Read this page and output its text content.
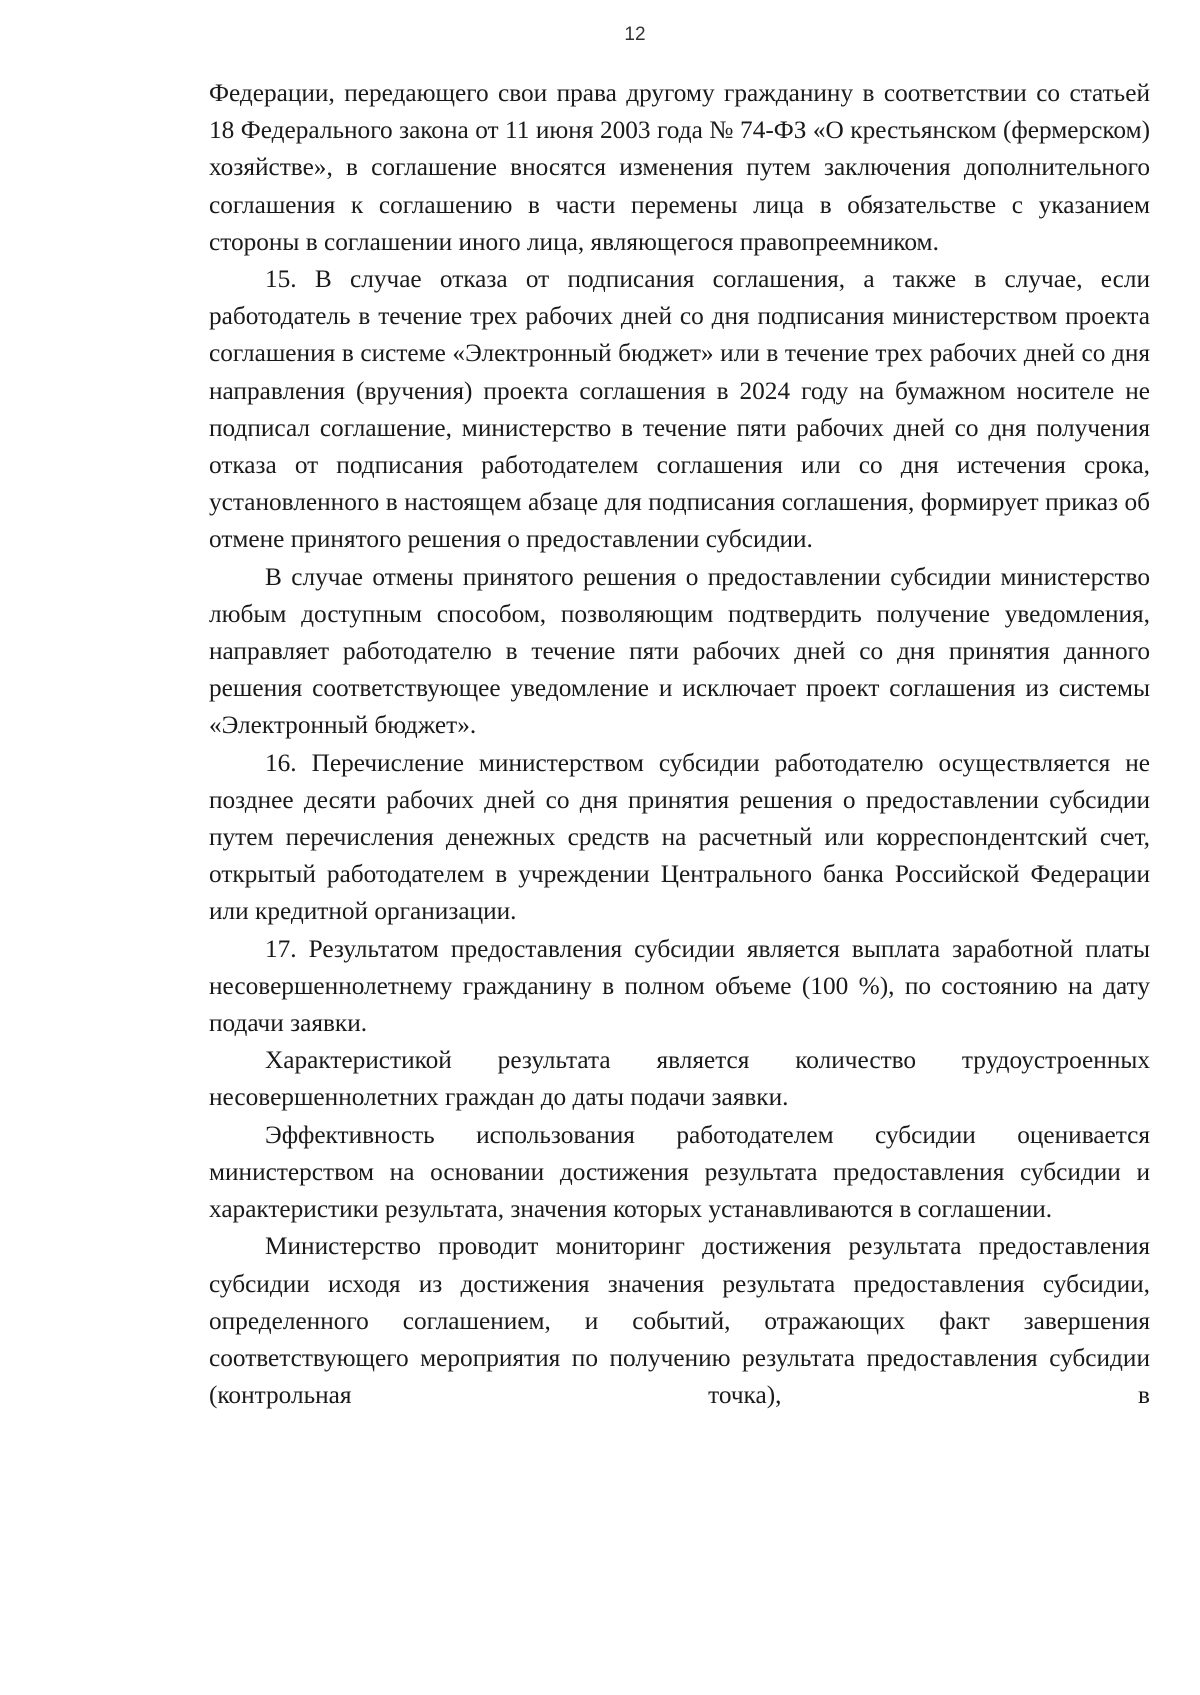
12

Федерации, передающего свои права другому гражданину в соответствии со статьей 18 Федерального закона от 11 июня 2003 года № 74-ФЗ «О крестьянском (фермерском) хозяйстве», в соглашение вносятся изменения путем заключения дополнительного соглашения к соглашению в части перемены лица в обязательстве с указанием стороны в соглашении иного лица, являющегося правопреемником.

15. В случае отказа от подписания соглашения, а также в случае, если работодатель в течение трех рабочих дней со дня подписания министерством проекта соглашения в системе «Электронный бюджет» или в течение трех рабочих дней со дня направления (вручения) проекта соглашения в 2024 году на бумажном носителе не подписал соглашение, министерство в течение пяти рабочих дней со дня получения отказа от подписания работодателем соглашения или со дня истечения срока, установленного в настоящем абзаце для подписания соглашения, формирует приказ об отмене принятого решения о предоставлении субсидии.

В случае отмены принятого решения о предоставлении субсидии министерство любым доступным способом, позволяющим подтвердить получение уведомления, направляет работодателю в течение пяти рабочих дней со дня принятия данного решения соответствующее уведомление и исключает проект соглашения из системы «Электронный бюджет».

16. Перечисление министерством субсидии работодателю осуществляется не позднее десяти рабочих дней со дня принятия решения о предоставлении субсидии путем перечисления денежных средств на расчетный или корреспондентский счет, открытый работодателем в учреждении Центрального банка Российской Федерации или кредитной организации.

17. Результатом предоставления субсидии является выплата заработной платы несовершеннолетнему гражданину в полном объеме (100 %), по состоянию на дату подачи заявки.

Характеристикой результата является количество трудоустроенных несовершеннолетних граждан до даты подачи заявки.

Эффективность использования работодателем субсидии оценивается министерством на основании достижения результата предоставления субсидии и характеристики результата, значения которых устанавливаются в соглашении.

Министерство проводит мониторинг достижения результата предоставления субсидии исходя из достижения значения результата предоставления субсидии, определенного соглашением, и событий, отражающих факт завершения соответствующего мероприятия по получению результата предоставления субсидии (контрольная точка), в
